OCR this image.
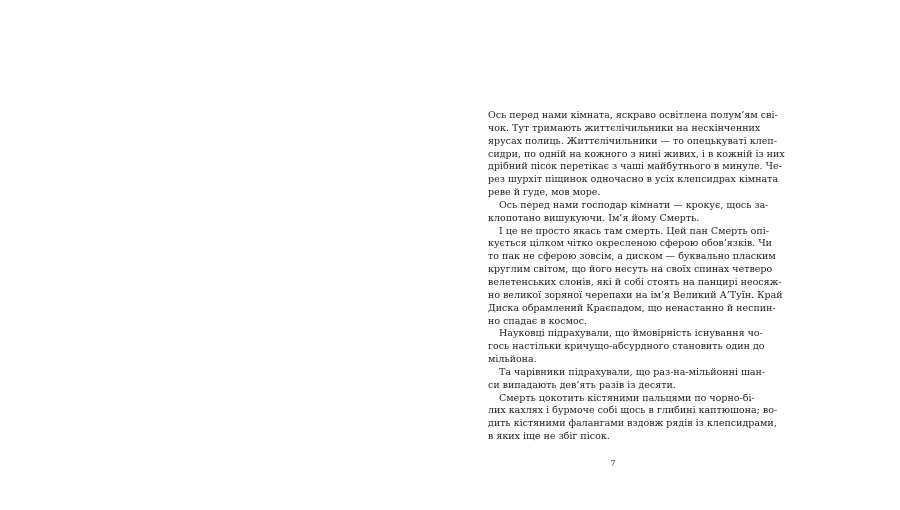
Ось перед нами кімната, яскраво освітлена полум’ям сві-
чок. Тут тримають життєлічильники на нескінченних
ярусах полиць. Життєлічильники — то опецькуваті клеп-
сидри, по одній на кожного з нині живих, і в кожній із них
дрібний пісок перетікає з чаші майбутнього в минуле. Че-
рез шурхіт піщинок одночасно в усіх клепсидрах кімната
реве й гуде, мов море.
Ось перед нами господар кімнати — крокує, щось за-
клопотано вишукуючи. Ім’я йому Смерть.
І це не просто якась там смерть. Цей пан Смерть опі-
кується цілком чітко окресленою сферою обов’язків. Чи
то пак не сферою зовсім, а диском — буквально пласким
круглим світом, що його несуть на своїх спинах четверо
велетенських слонів, які й собі стоять на панцирі неосяж-
но великої зоряної черепахи на ім’я Великий А’Туїн. Край
Диска обрамлений Краєпадом, що ненастанно й неспин-
но спадає в космос.
Науковці підрахували, що ймовірність існування чо-
гось настільки кричущо-абсурдного становить один до
мільйона.
Та чарівники підрахували, що раз-на-мільйонні шан-
си випадають дев’ять разів із десяти.
Смерть цокотить кістяними пальцями по чорно-бі-
лих кахлях і бурмоче собі щось в глибині каптюшона; во-
дить кістяними фалангами вздовж рядів із клепсидрами,
в яких іще не збіг пісок.
7
